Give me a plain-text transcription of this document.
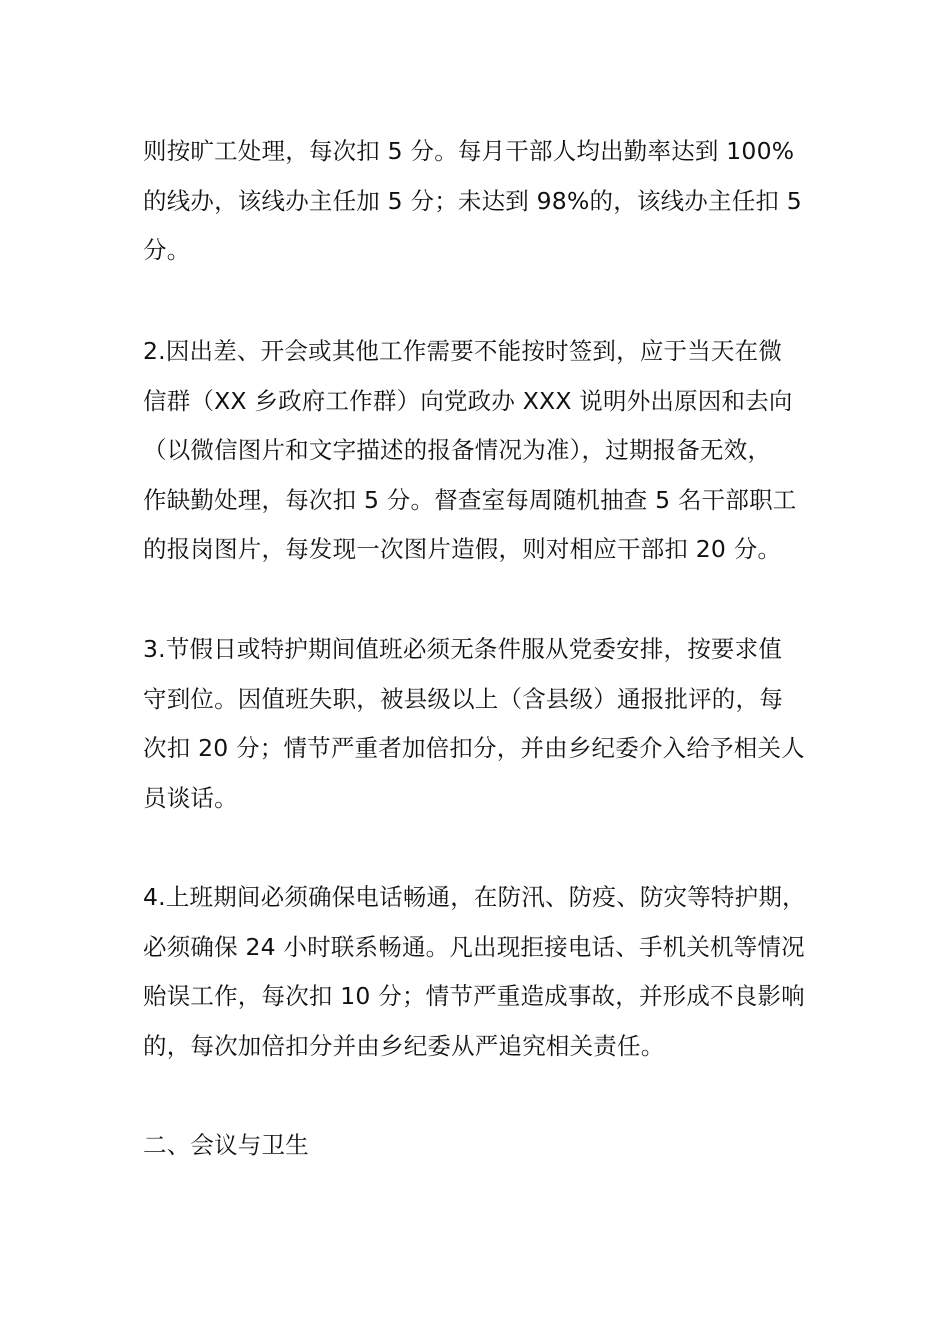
则按旷工处理，每次扣 5 分。每月干部人均出勤率达到 100%
的线办，该线办主任加 5 分；未达到 98%的，该线办主任扣 5
分。
2.因出差、开会或其他工作需要不能按时签到，应于当天在微
信群（XX 乡政府工作群）向党政办 XXX 说明外出原因和去向
（以微信图片和文字描述的报备情况为准），过期报备无效，
作缺勤处理，每次扣 5 分。督查室每周随机抽查 5 名干部职工
的报岗图片，每发现一次图片造假，则对相应干部扣 20 分。
3.节假日或特护期间值班必须无条件服从党委安排，按要求值
守到位。因值班失职，被县级以上（含县级）通报批评的，每
次扣 20 分；情节严重者加倍扣分，并由乡纪委介入给予相关人
员谈话。
4.上班期间必须确保电话畅通，在防汛、防疫、防灾等特护期，
必须确保 24 小时联系畅通。凡出现拒接电话、手机关机等情况
贻误工作，每次扣 10 分；情节严重造成事故，并形成不良影响
的，每次加倍扣分并由乡纪委从严追究相关责任。
二、会议与卫生
